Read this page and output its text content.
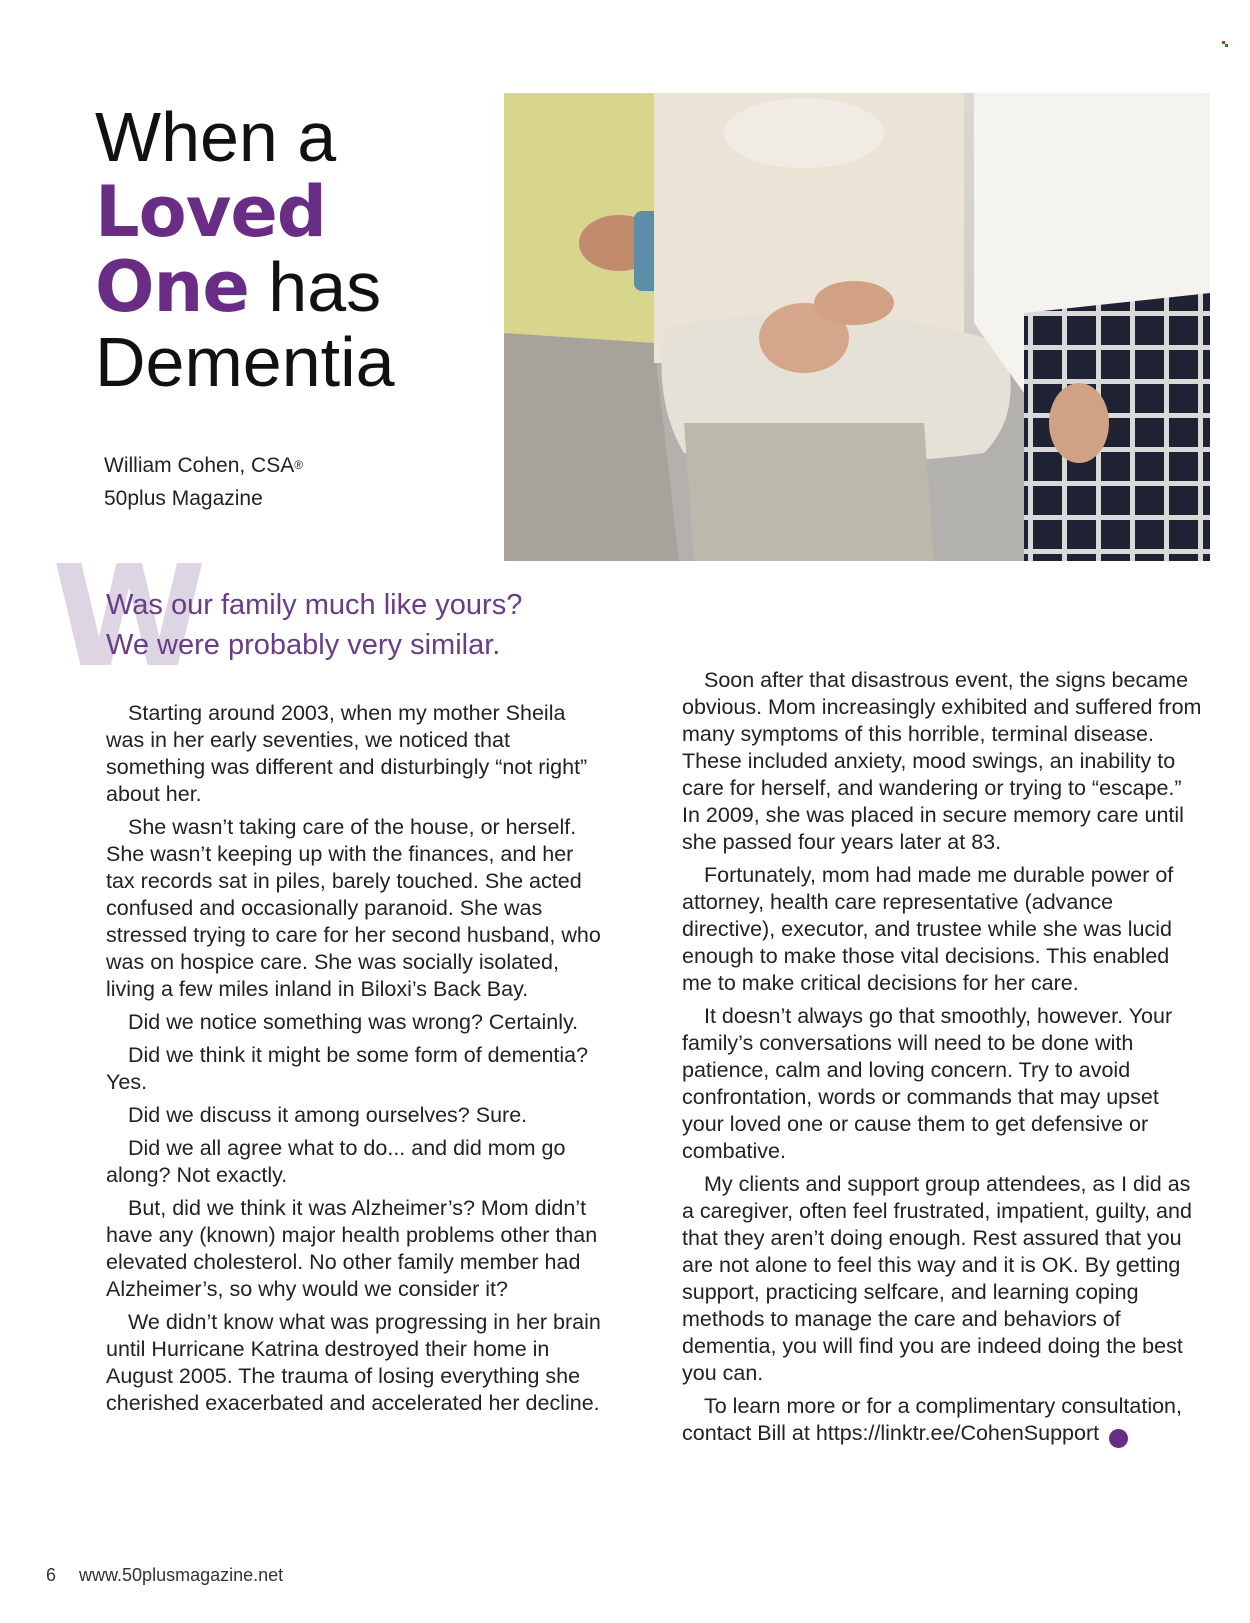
When a
Loved
One has
Dementia
William Cohen, CSA®
50plus Magazine
W
Was our family much like yours?
We were probably very similar.

Starting around 2003, when my mother Sheila was in her early seventies, we noticed that something was different and disturbingly “not right” about her.

She wasn’t taking care of the house, or herself. She wasn’t keeping up with the finances, and her tax records sat in piles, barely touched. She acted confused and occasionally paranoid. She was stressed trying to care for her second husband, who was on hospice care. She was socially isolated, living a few miles inland in Biloxi’s Back Bay.

Did we notice something was wrong? Certainly.

Did we think it might be some form of dementia? Yes.

Did we discuss it among ourselves? Sure.

Did we all agree what to do... and did mom go along? Not exactly.

But, did we think it was Alzheimer’s? Mom didn’t have any (known) major health problems other than elevated cholesterol. No other family member had Alzheimer’s, so why would we consider it?

We didn’t know what was progressing in her brain until Hurricane Katrina destroyed their home in August 2005. The trauma of losing everything she cherished exacerbated and accelerated her decline.

Soon after that disastrous event, the signs became obvious. Mom increasingly exhibited and suffered from many symptoms of this horrible, terminal disease. These included anxiety, mood swings, an inability to care for herself, and wandering or trying to “escape.” In 2009, she was placed in secure memory care until she passed four years later at 83.

Fortunately, mom had made me durable power of attorney, health care representative (advance directive), executor, and trustee while she was lucid enough to make those vital decisions. This enabled me to make critical decisions for her care.

It doesn’t always go that smoothly, however. Your family’s conversations will need to be done with patience, calm and loving concern. Try to avoid confrontation, words or commands that may upset your loved one or cause them to get defensive or combative.

My clients and support group attendees, as I did as a caregiver, often feel frustrated, impatient, guilty, and that they aren’t doing enough. Rest assured that you are not alone to feel this way and it is OK. By getting support, practicing selfcare, and learning coping methods to manage the care and behaviors of dementia, you will find you are indeed doing the best you can.

To learn more or for a complimentary consultation, contact Bill at https://linktr.ee/CohenSupport

6 www.50plusmagazine.net
